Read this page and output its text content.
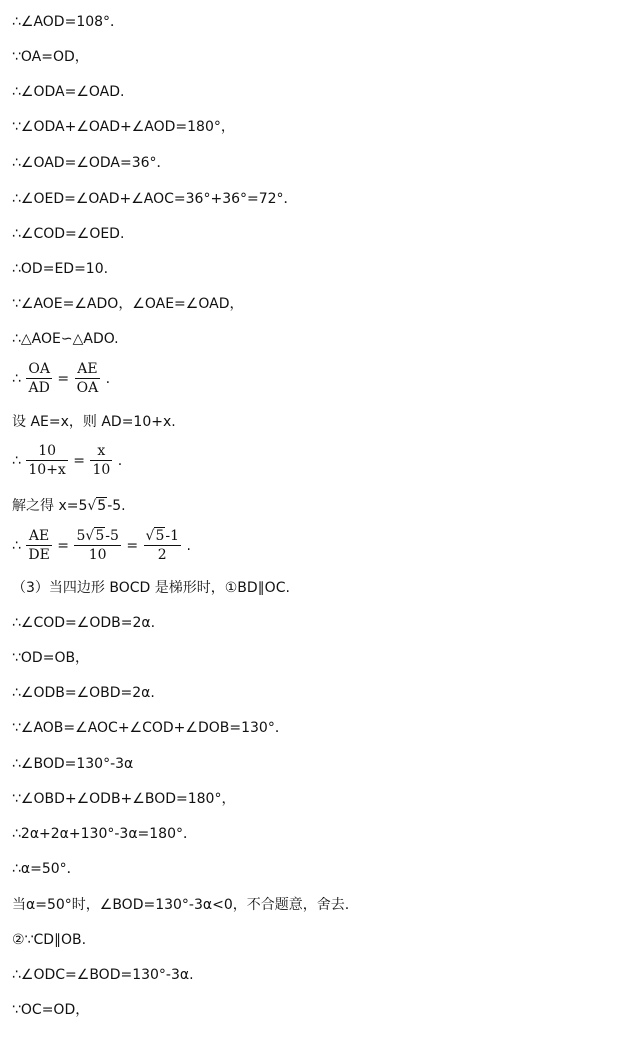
∴∠AOD=108°．
∵OA=OD，
∴∠ODA=∠OAD.
∵∠ODA+∠OAD+∠AOD=180°，
∴∠OAD=∠ODA=36°．
∴∠OED=∠OAD+∠AOC=36°+36°=72°．
∴∠COD=∠OED.
∴OD=ED=10.
∵∠AOE=∠ADO，∠OAE=∠OAD，
∴△AOE∽△ADO.
∴ $\frac{OA}{AD} = \frac{AE}{OA}$ .
设 AE=x，则 AD=10+x.
∴ $\frac{10}{10+x} = \frac{x}{10}$ .
解之得 x=5√5-5.
∴ $\frac{AE}{DE} = \frac{5√5-5}{10} = \frac{√5-1}{2}$ .
（3）当四边形 BOCD 是梯形时，①BD∥OC.
∴∠COD=∠ODB=2α.
∵OD=OB，
∴∠ODB=∠OBD=2α.
∵∠AOB=∠AOC+∠COD+∠DOB=130°．
∴∠BOD=130°-3α
∵∠OBD+∠ODB+∠BOD=180°，
∴2α+2α+130°-3α=180°．
∴α=50°．
当α=50°时，∠BOD=130°-3α<0，不合题意，舍去.
②∵CD∥OB.
∴∠ODC=∠BOD=130°-3α.
∵OC=OD，
